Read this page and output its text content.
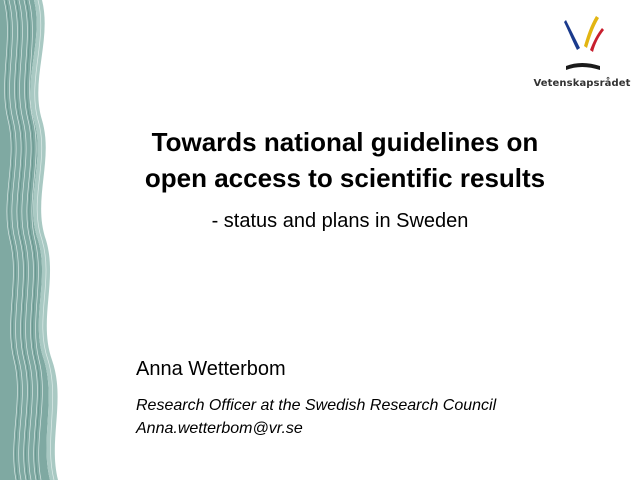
Vetenskapsrådet
Towards national guidelines on
open access to scientific results

- status and plans in Sweden

Anna Wetterbom

Research Officer at the Swedish Research Council

Anna.wetterbom@vr.se
